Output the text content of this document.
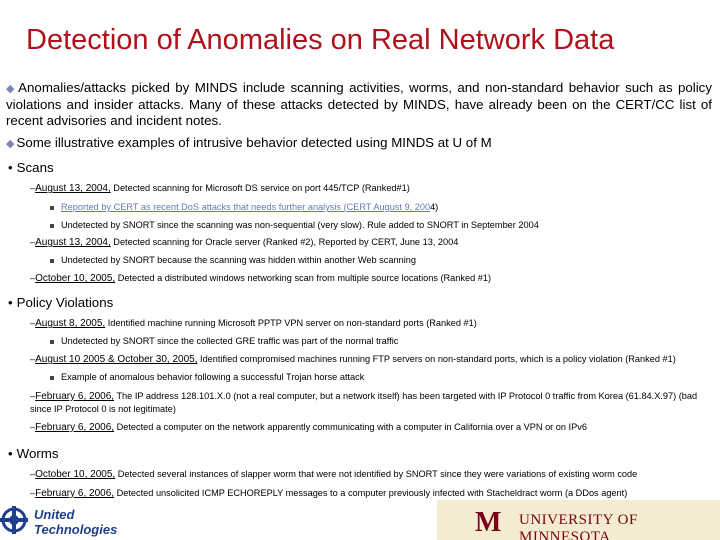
Detection of Anomalies on Real Network Data
◆ Anomalies/attacks picked by MINDS include scanning activities, worms, and non-standard behavior such as policy violations and insider attacks. Many of these attacks detected by MINDS, have already been on the CERT/CC list of recent advisories and incident notes.
◆ Some illustrative examples of intrusive behavior detected using MINDS at U of M
• Scans
–August 13, 2004, Detected scanning for Microsoft DS service on port 445/TCP (Ranked#1)
Reported by CERT as recent DoS attacks that needs further analysis (CERT August 9, 2004)
Undetected by SNORT since the scanning was non-sequential (very slow). Rule added to SNORT in September 2004
–August 13, 2004, Detected scanning for Oracle server (Ranked #2), Reported by CERT, June 13, 2004
Undetected by SNORT because the scanning was hidden within another Web scanning
–October 10, 2005, Detected a distributed windows networking scan from multiple source locations (Ranked #1)
• Policy Violations
–August 8, 2005, Identified machine running Microsoft PPTP VPN server on non-standard ports (Ranked #1)
Undetected by SNORT since the collected GRE traffic was part of the normal traffic
–August 10 2005 & October 30, 2005, Identified compromised machines running FTP servers on non-standard ports, which is a policy violation (Ranked #1)
Example of anomalous behavior following a successful Trojan horse attack
–February 6, 2006, The IP address 128.101.X.0 (not a real computer, but a network itself) has been targeted with IP Protocol 0 traffic from Korea (61.84.X.97) (bad since IP Protocol 0 is not legitimate)
–February 6, 2006, Detected a computer on the network apparently communicating with a computer in California over a VPN or on IPv6
• Worms
–October 10, 2005, Detected several instances of slapper worm that were not identified by SNORT since they were variations of existing worm code
–February 6, 2006, Detected unsolicited ICMP ECHOREPLY messages to a computer previously infected with Stacheldract worm (a DDos agent)
United
Technologies	M UNIVERSITY OF MINNESOTA
